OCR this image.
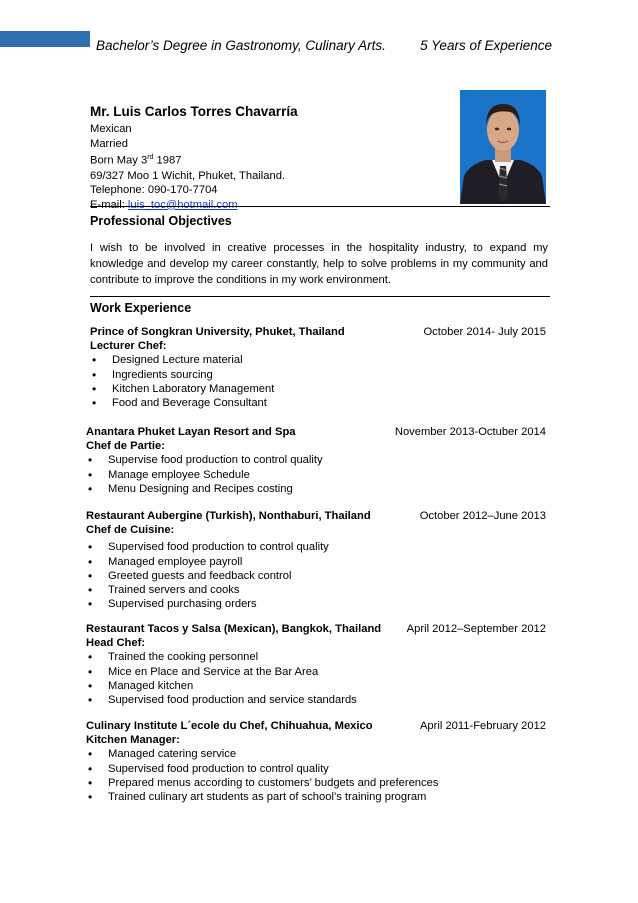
Bachelor’s Degree in Gastronomy, Culinary Arts.	5 Years of Experience
Mr. Luis Carlos Torres Chavarría
Mexican
Married
Born May 3rd 1987
69/327 Moo 1 Wichit, Phuket, Thailand.
Telephone: 090-170-7704
E-mail: luis_toc@hotmail.com
Professional Objectives
I wish to be involved in creative processes in the hospitality industry, to expand my knowledge and develop my career constantly, help to solve problems in my community and contribute to improve the conditions in my work environment.
Work Experience
Prince of Songkran University, Phuket, Thailand	October 2014- July 2015
Lecturer Chef:
• Designed Lecture material
• Ingredients sourcing
• Kitchen Laboratory Management
• Food and Beverage Consultant
Anantara Phuket Layan Resort and Spa	November 2013-Octuber 2014
Chef de Partie:
• Supervise food production to control quality
• Manage employee Schedule
• Menu Designing and Recipes costing
Restaurant Aubergine (Turkish), Nonthaburi, Thailand	October 2012–June 2013
Chef de Cuisine:
• Supervised food production to control quality
• Managed employee payroll
• Greeted guests and feedback control
• Trained servers and cooks
• Supervised purchasing orders
Restaurant Tacos y Salsa (Mexican), Bangkok, Thailand April 2012–September 2012
Head Chef:
• Trained the cooking personnel
• Mice en Place and Service at the Bar Area
• Managed kitchen
• Supervised food production and service standards
Culinary Institute L´ecole du Chef, Chihuahua, Mexico	April 2011-February 2012
Kitchen Manager:
• Managed catering service
• Supervised food production to control quality
• Prepared menus according to customers’ budgets and preferences
• Trained culinary art students as part of school’s training program
